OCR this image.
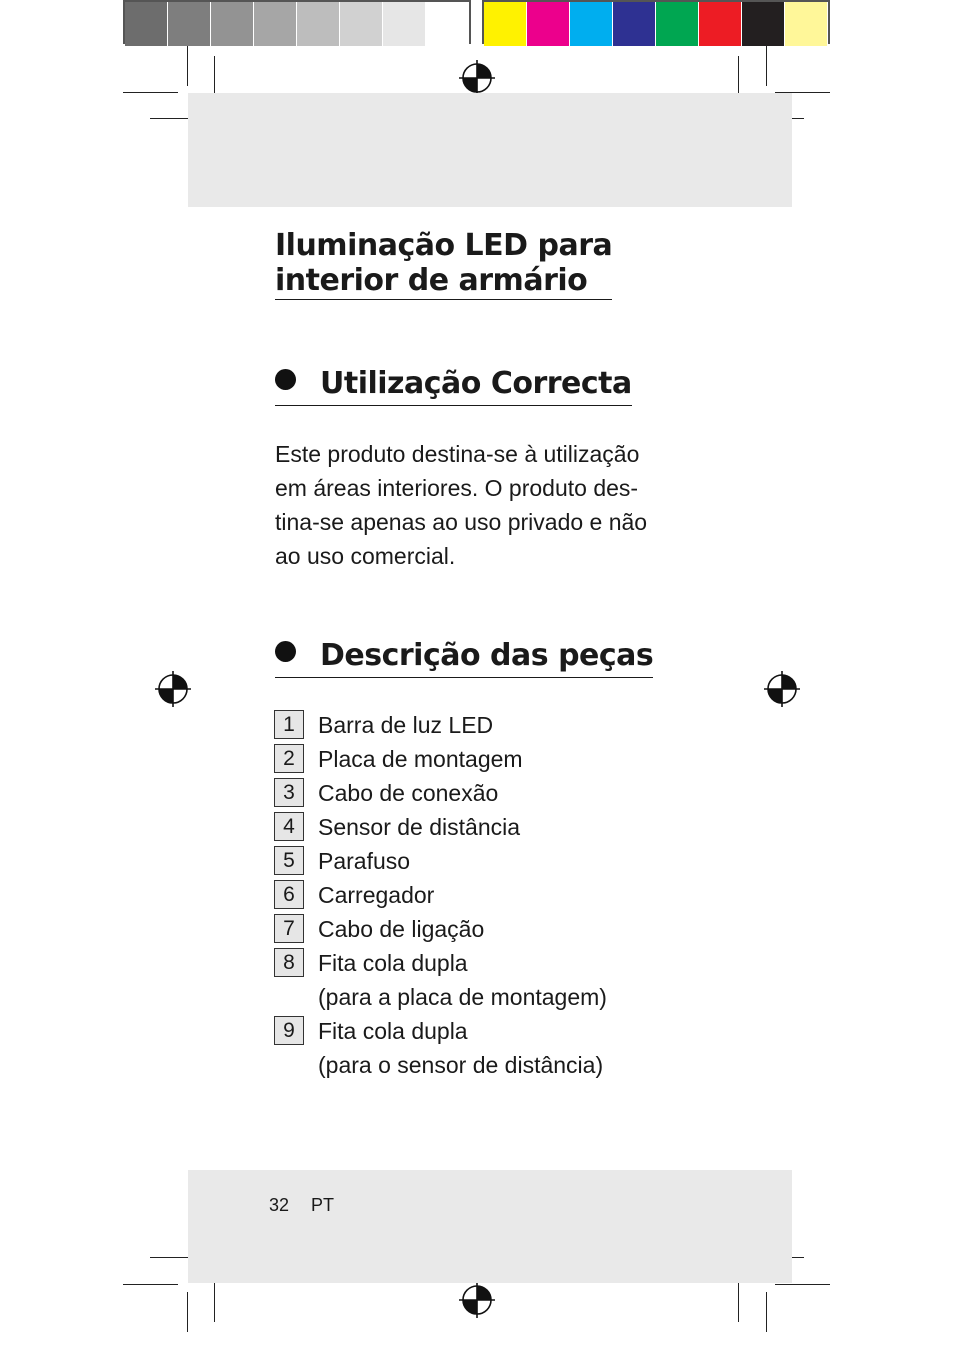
Iluminação LED para
interior de armário
Utilização Correcta
Este produto destina-se à utilização
em áreas interiores. O produto des-
tina-se apenas ao uso privado e não
ao uso comercial.
Descrição das peças
1	Barra de luz LED
2	Placa de montagem
3	Cabo de conexão
4	Sensor de distância
5	Parafuso
6	Carregador
7	Cabo de ligação
8	Fita cola dupla
(para a placa de montagem)
9	Fita cola dupla
(para o sensor de distância)
32 PT
